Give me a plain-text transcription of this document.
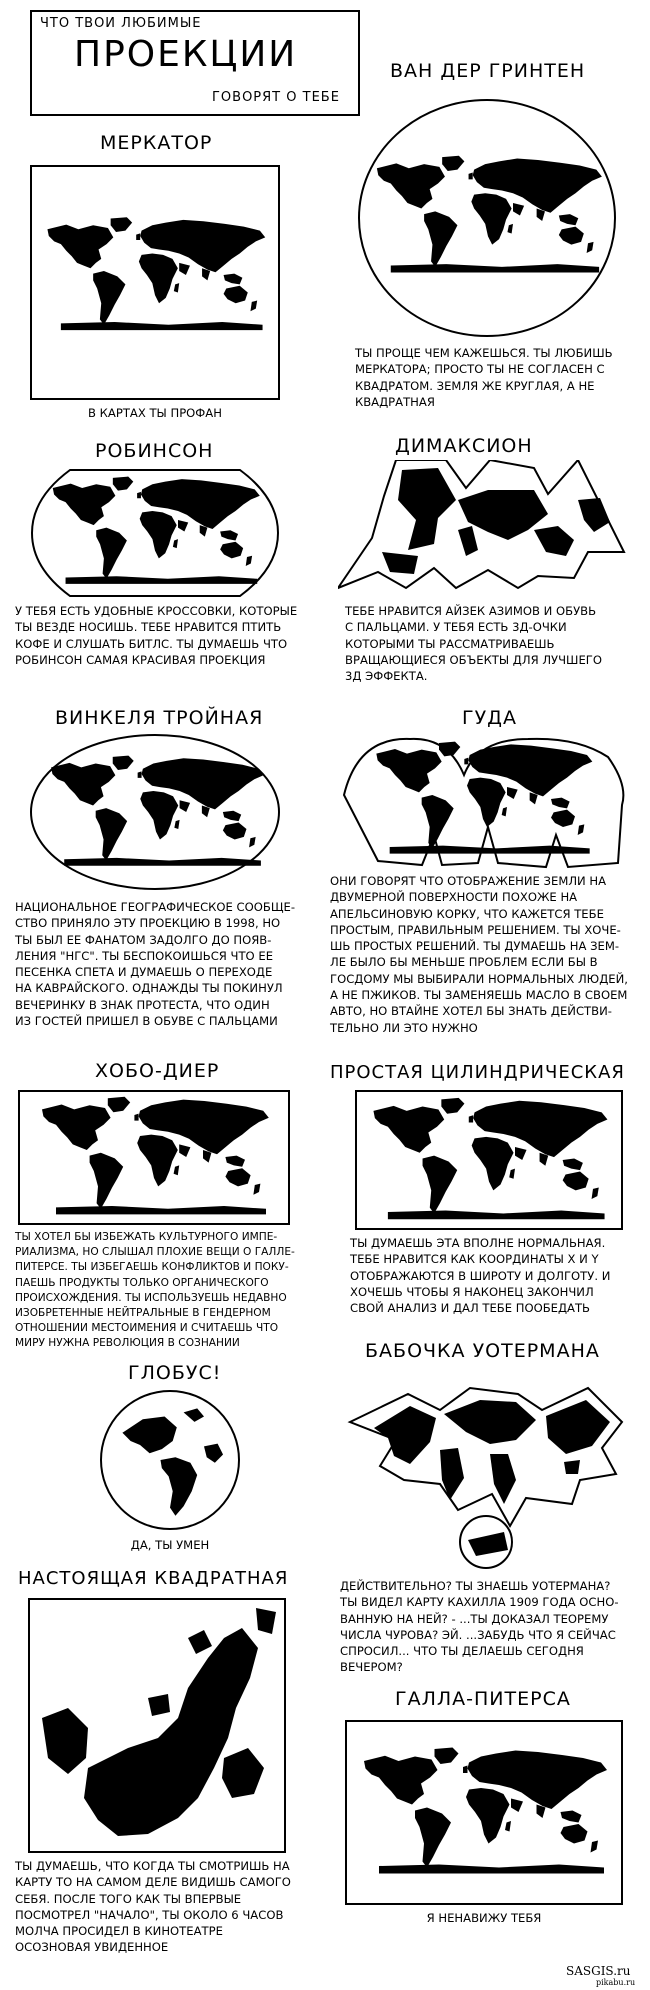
ЧТО ТВОИ ЛЮБИМЫЕ
ПРОЕКЦИИ
ГОВОРЯТ О ТЕБЕ
МЕРКАТОР
В КАРТАХ ТЫ ПРОФАН
ВАН ДЕР ГРИНТЕН
ТЫ ПРОЩЕ ЧЕМ КАЖЕШЬСЯ. ТЫ ЛЮБИШЬ
МЕРКАТОРА; ПРОСТО ТЫ НЕ СОГЛАСЕН С
КВАДРАТОМ. ЗЕМЛЯ ЖЕ КРУГЛАЯ, А НЕ
КВАДРАТНАЯ
РОБИНСОН
У ТЕБЯ ЕСТЬ УДОБНЫЕ КРОССОВКИ, КОТОРЫЕ
ТЫ ВЕЗДЕ НОСИШЬ. ТЕБЕ НРАВИТСЯ ПТИТЬ
КОФЕ И СЛУШАТЬ БИТЛС. ТЫ ДУМАЕШЬ ЧТО
РОБИНСОН САМАЯ КРАСИВАЯ ПРОЕКЦИЯ
ДИМАКСИОН
ТЕБЕ НРАВИТСЯ АЙЗЕК АЗИМОВ И ОБУВЬ
С ПАЛЬЦАМИ. У ТЕБЯ ЕСТЬ 3Д-ОЧКИ
КОТОРЫМИ ТЫ РАССМАТРИВАЕШЬ
ВРАЩАЮЩИЕСЯ ОБЪЕКТЫ ДЛЯ ЛУЧШЕГО
3Д ЭФФЕКТА.
ВИНКЕЛЯ ТРОЙНАЯ
НАЦИОНАЛЬНОЕ ГЕОГРАФИЧЕСКОЕ СООБЩЕ-
СТВО ПРИНЯЛО ЭТУ ПРОЕКЦИЮ В 1998, НО
ТЫ БЫЛ ЕЕ ФАНАТОМ ЗАДОЛГО ДО ПОЯВ-
ЛЕНИЯ "НГС". ТЫ БЕСПОКОИШЬСЯ ЧТО ЕЕ
ПЕСЕНКА СПЕТА И ДУМАЕШЬ О ПЕРЕХОДЕ
НА КАВРАЙСКОГО. ОДНАЖДЫ ТЫ ПОКИНУЛ
ВЕЧЕРИНКУ В ЗНАК ПРОТЕСТА, ЧТО ОДИН
ИЗ ГОСТЕЙ ПРИШЕЛ В ОБУВЕ С ПАЛЬЦАМИ
ГУДА
ОНИ ГОВОРЯТ ЧТО ОТОБРАЖЕНИЕ ЗЕМЛИ НА
ДВУМЕРНОЙ ПОВЕРХНОСТИ ПОХОЖЕ НА
АПЕЛЬСИНОВУЮ КОРКУ, ЧТО КАЖЕТСЯ ТЕБЕ
ПРОСТЫМ, ПРАВИЛЬНЫМ РЕШЕНИЕМ. ТЫ ХОЧЕ-
ШЬ ПРОСТЫХ РЕШЕНИЙ. ТЫ ДУМАЕШЬ НА ЗЕМ-
ЛЕ БЫЛО БЫ МЕНЬШЕ ПРОБЛЕМ ЕСЛИ БЫ В
ГОСДОМУ МЫ ВЫБИРАЛИ НОРМАЛЬНЫХ ЛЮДЕЙ,
А НЕ ПЖИКОВ. ТЫ ЗАМЕНЯЕШЬ МАСЛО В СВОЕМ
АВТО, НО ВТАЙНЕ ХОТЕЛ БЫ ЗНАТЬ ДЕЙСТВИ-
ТЕЛЬНО ЛИ ЭТО НУЖНО
ХОБО-ДИЕР
ТЫ ХОТЕЛ БЫ ИЗБЕЖАТЬ КУЛЬТУРНОГО ИМПЕ-
РИАЛИЗМА, НО СЛЫШАЛ ПЛОХИЕ ВЕЩИ О ГАЛЛЕ-
ПИТЕРСЕ. ТЫ ИЗБЕГАЕШЬ КОНФЛИКТОВ И ПОКУ-
ПАЕШЬ ПРОДУКТЫ ТОЛЬКО ОРГАНИЧЕСКОГО
ПРОИСХОЖДЕНИЯ. ТЫ ИСПОЛЬЗУЕШЬ НЕДАВНО
ИЗОБРЕТЕННЫЕ НЕЙТРАЛЬНЫЕ В ГЕНДЕРНОМ
ОТНОШЕНИИ МЕСТОИМЕНИЯ И СЧИТАЕШЬ ЧТО
МИРУ НУЖНА РЕВОЛЮЦИЯ В СОЗНАНИИ
ПРОСТАЯ ЦИЛИНДРИЧЕСКАЯ
ТЫ ДУМАЕШЬ ЭТА ВПОЛНЕ НОРМАЛЬНАЯ.
ТЕБЕ НРАВИТСЯ КАК КООРДИНАТЫ X И Y
ОТОБРАЖАЮТСЯ В ШИРОТУ И ДОЛГОТУ. И
ХОЧЕШЬ ЧТОБЫ Я НАКОНЕЦ ЗАКОНЧИЛ
СВОЙ АНАЛИЗ И ДАЛ ТЕБЕ ПООБЕДАТЬ
ГЛОБУС!
ДА, ТЫ УМЕН
БАБОЧКА УОТЕРМАНА
ДЕЙСТВИТЕЛЬНО? ТЫ ЗНАЕШЬ УОТЕРМАНА?
ТЫ ВИДЕЛ КАРТУ КАХИЛЛА 1909 ГОДА ОСНО-
ВАННУЮ НА НЕЙ? - ...ТЫ ДОКАЗАЛ ТЕОРЕМУ
ЧИСЛА ЧУРОВА? ЭЙ. ...ЗАБУДЬ ЧТО Я СЕЙЧАС
СПРОСИЛ... ЧТО ТЫ ДЕЛАЕШЬ СЕГОДНЯ
ВЕЧЕРОМ?
НАСТОЯЩАЯ КВАДРАТНАЯ
ТЫ ДУМАЕШЬ, ЧТО КОГДА ТЫ СМОТРИШЬ НА
КАРТУ ТО НА САМОМ ДЕЛЕ ВИДИШЬ САМОГО
СЕБЯ. ПОСЛЕ ТОГО КАК ТЫ ВПЕРВЫЕ
ПОСМОТРЕЛ "НАЧАЛО", ТЫ ОКОЛО 6 ЧАСОВ
МОЛЧА ПРОСИДЕЛ В КИНОТЕАТРЕ
ОСОЗНОВАЯ УВИДЕННОЕ
ГАЛЛА-ПИТЕРСА
Я НЕНАВИЖУ ТЕБЯ
SASGIS.ru
pikabu.ru
